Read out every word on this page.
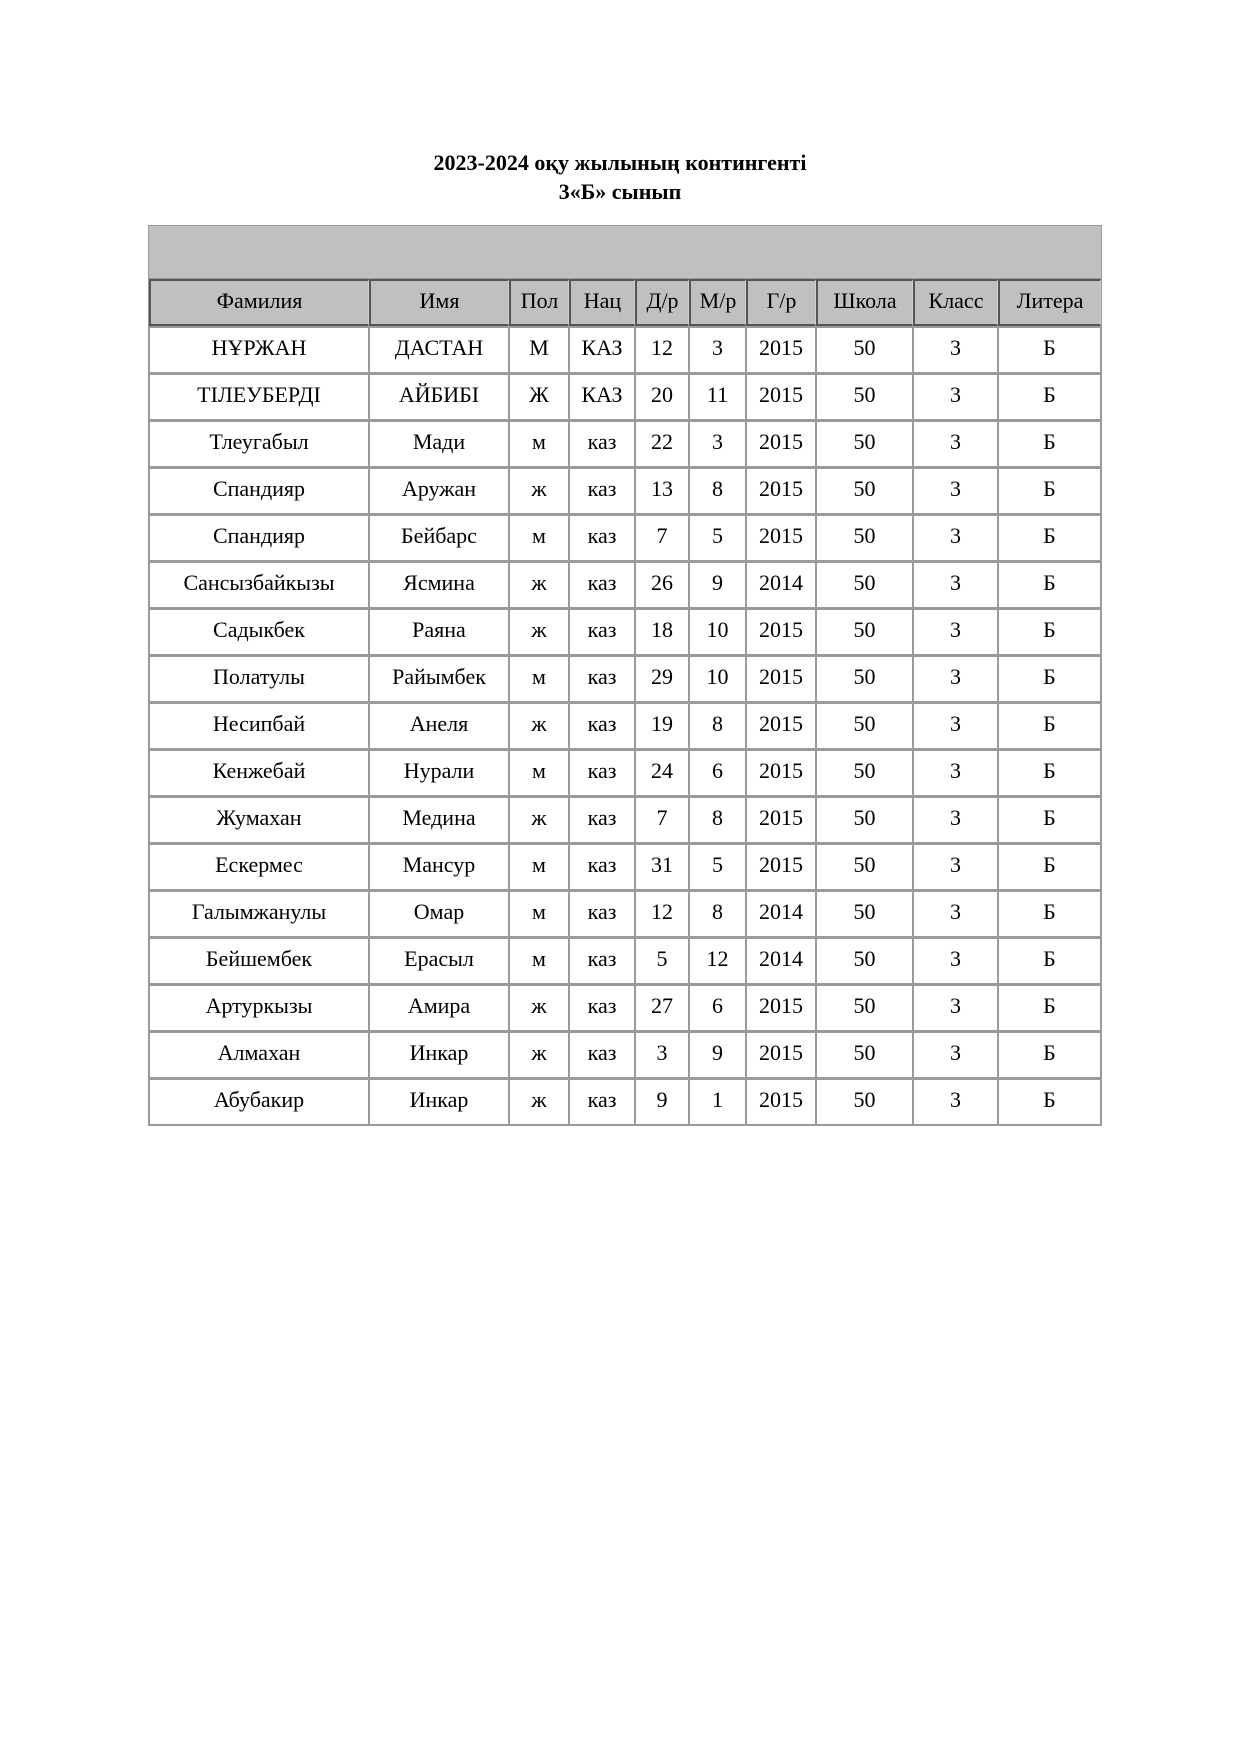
2023-2024 оқу жылының контингенті
3«Б» сынып

Фамилия	Имя	Пол	Нац	Д/р	М/р	Г/р	Школа	Класс	Литера
НҰРЖАН	ДАСТАН	М	КАЗ	12	3	2015	50	3	Б
ТІЛЕУБЕРДІ	АЙБИБІ	Ж	КАЗ	20	11	2015	50	3	Б
Тлеугабыл	Мади	м	каз	22	3	2015	50	3	Б
Спандияр	Аружан	ж	каз	13	8	2015	50	3	Б
Спандияр	Бейбарс	м	каз	7	5	2015	50	3	Б
Сансызбайкызы	Ясмина	ж	каз	26	9	2014	50	3	Б
Садыкбек	Раяна	ж	каз	18	10	2015	50	3	Б
Полатулы	Райымбек	м	каз	29	10	2015	50	3	Б
Несипбай	Анеля	ж	каз	19	8	2015	50	3	Б
Кенжебай	Нурали	м	каз	24	6	2015	50	3	Б
Жумахан	Медина	ж	каз	7	8	2015	50	3	Б
Ескермес	Мансур	м	каз	31	5	2015	50	3	Б
Галымжанулы	Омар	м	каз	12	8	2014	50	3	Б
Бейшембек	Ерасыл	м	каз	5	12	2014	50	3	Б
Артуркызы	Амира	ж	каз	27	6	2015	50	3	Б
Алмахан	Инкар	ж	каз	3	9	2015	50	3	Б
Абубакир	Инкар	ж	каз	9	1	2015	50	3	Б
